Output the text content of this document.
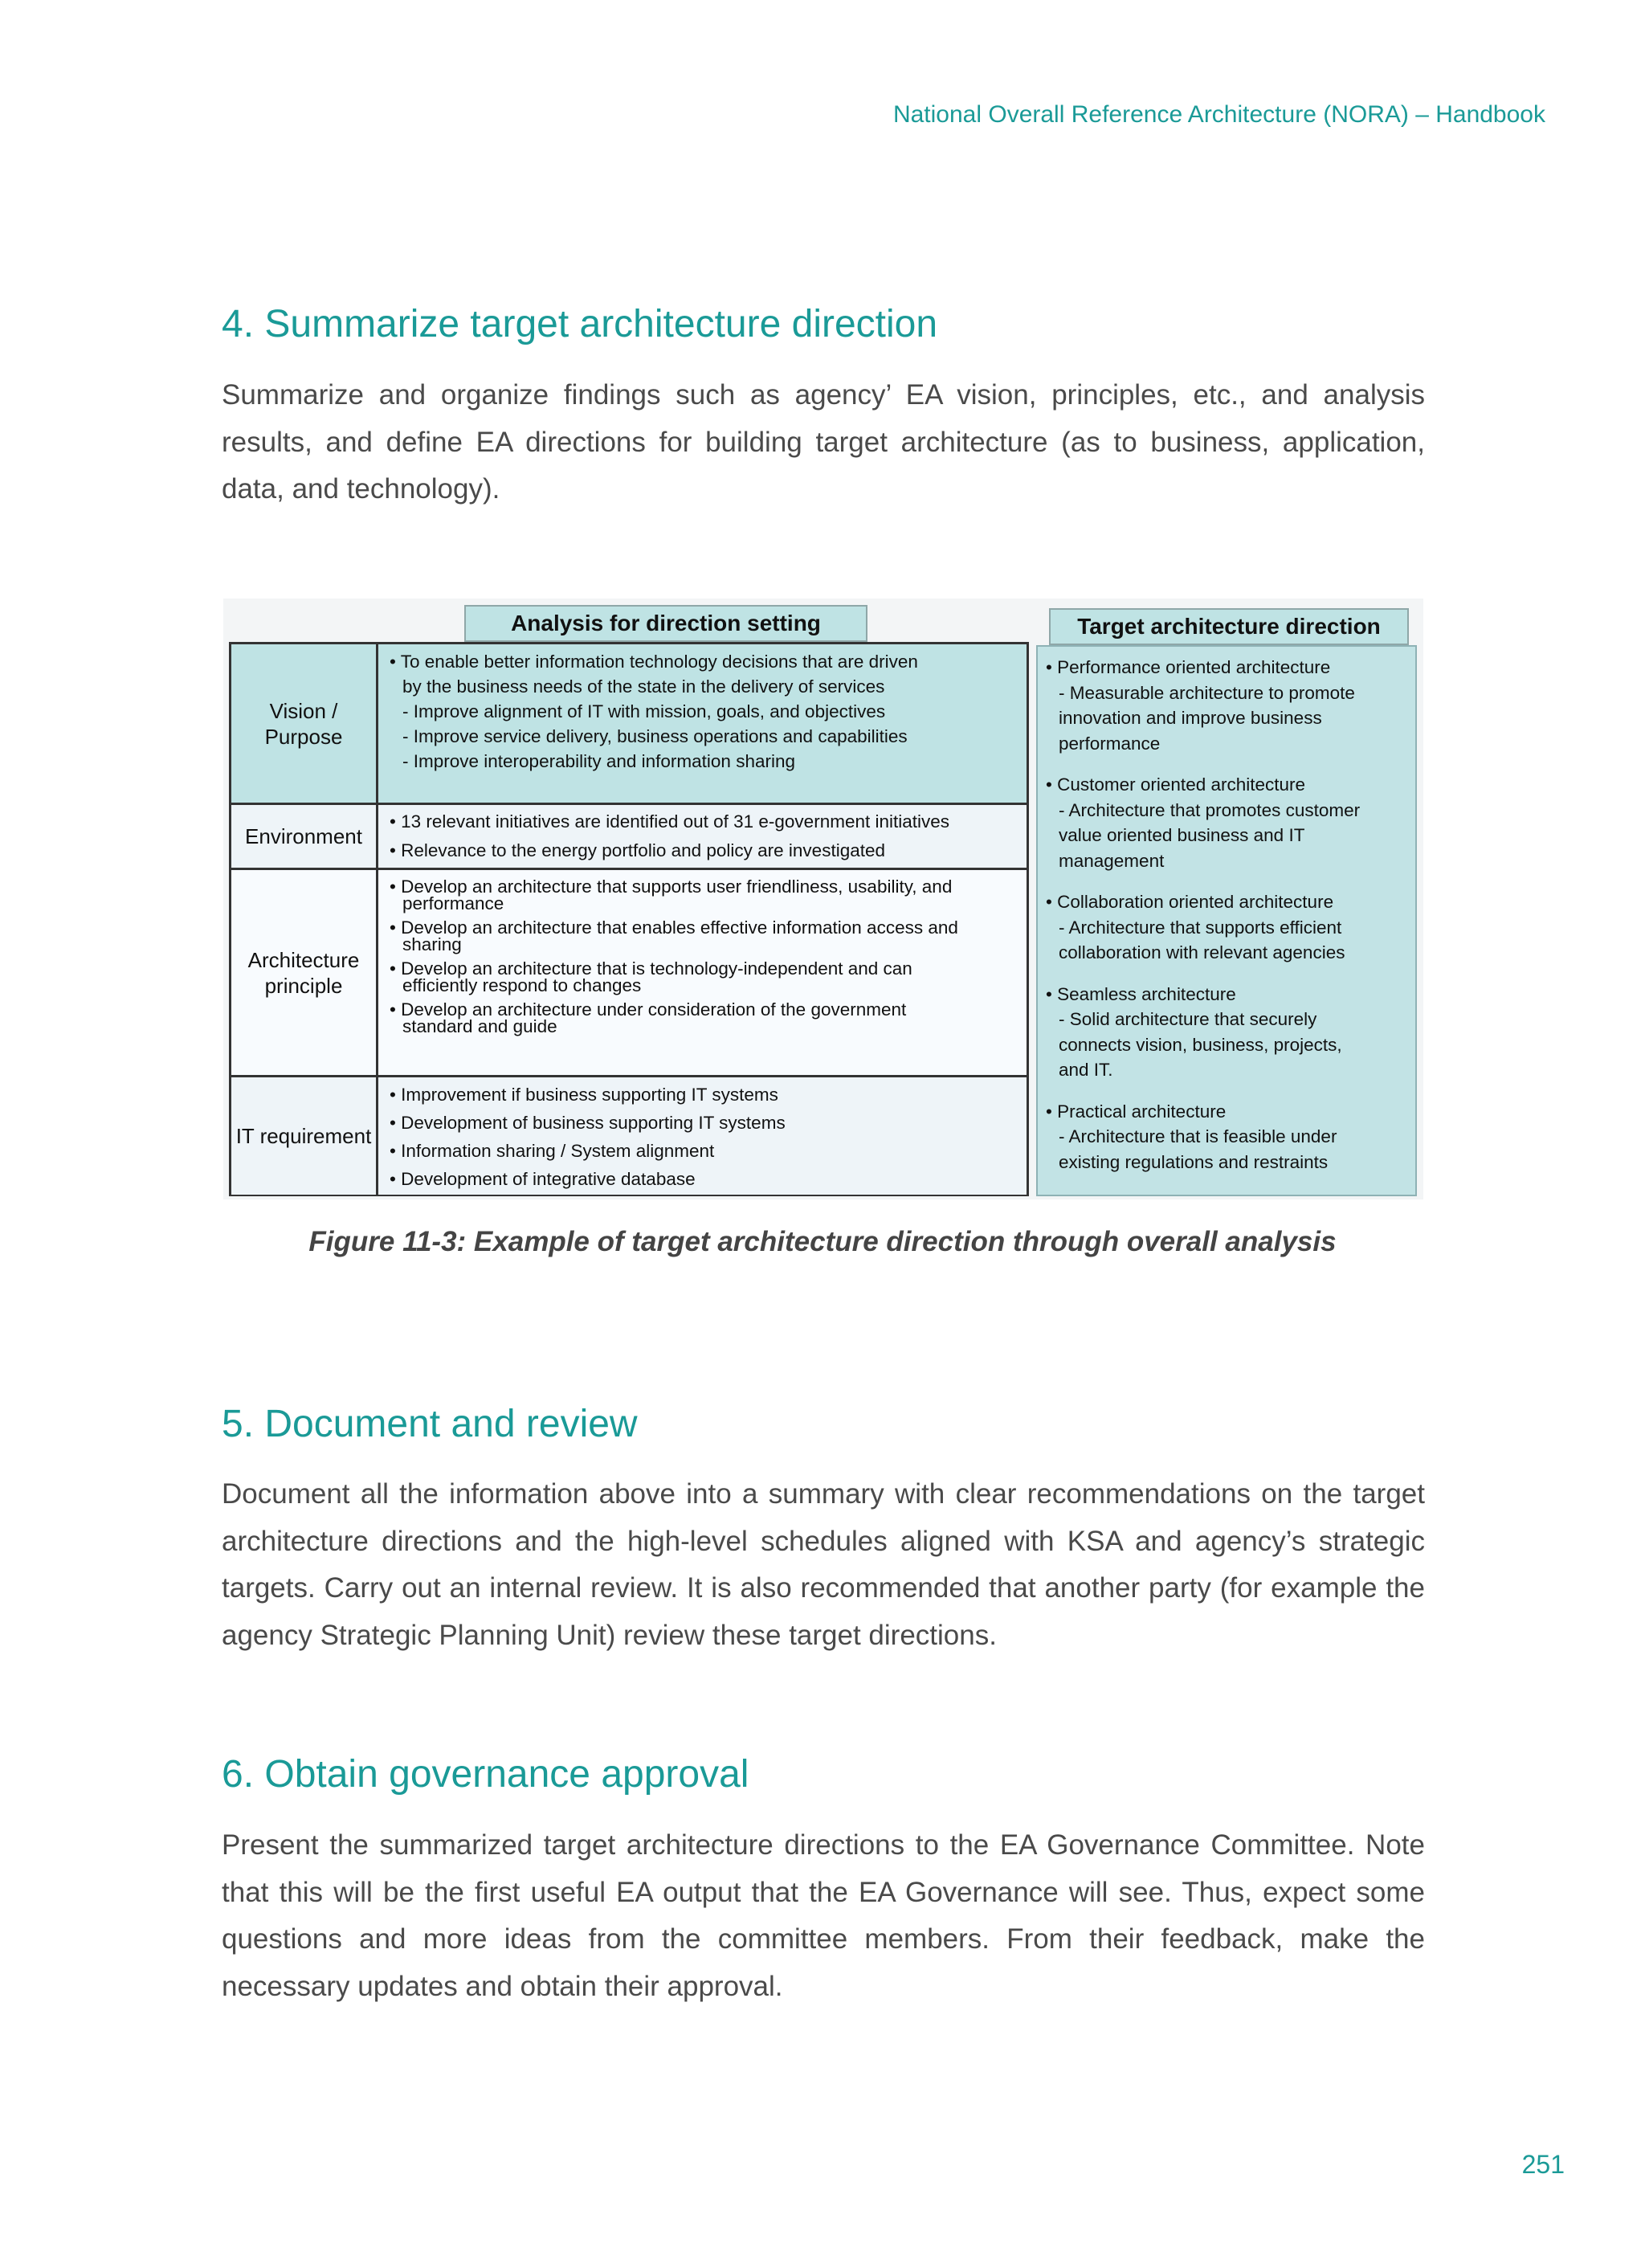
National Overall Reference Architecture (NORA) – Handbook
4. Summarize target architecture direction

Summarize and organize findings such as agency’ EA vision, principles, etc., and analysis results, and define EA directions for building target architecture (as to business, application, data, and technology).

Analysis for direction setting	Target architecture direction
Vision / Purpose

• To enable better information technology decisions that are driven

by the business needs of the state in the delivery of services

- Improve alignment of IT with mission, goals, and objectives

- Improve service delivery, business operations and capabilities

- Improve interoperability and information sharing

Environment

• 13 relevant initiatives are identified out of 31 e-government initiatives

• Relevance to the energy portfolio and policy are investigated

Architecture principle

• Develop an architecture that supports user friendliness, usability, and

performance

• Develop an architecture that enables effective information access and

sharing

• Develop an architecture that is technology-independent and can

efficiently respond to changes

• Develop an architecture under consideration of the government

standard and guide

IT requirement

• Improvement if business supporting IT systems

• Development of business supporting IT systems

• Information sharing / System alignment

• Development of integrative database

• Performance oriented architecture

- Measurable architecture to promote

innovation and improve business

performance

• Customer oriented architecture

- Architecture that promotes customer

value oriented business and IT

management

• Collaboration oriented architecture

- Architecture that supports efficient

collaboration with relevant agencies

• Seamless architecture

- Solid architecture that securely

connects vision, business, projects,

and IT.

• Practical architecture

- Architecture that is feasible under

existing regulations and restraints

Figure 11-3: Example of target architecture direction through overall analysis
5. Document and review

Document all the information above into a summary with clear recommendations on the target architecture directions and the high-level schedules aligned with KSA and agency’s strategic targets. Carry out an internal review. It is also recommended that another party (for example the agency Strategic Planning Unit) review these target directions.

6. Obtain governance approval

Present the summarized target architecture directions to the EA Governance Committee. Note that this will be the first useful EA output that the EA Governance will see. Thus, expect some questions and more ideas from the committee members. From their feedback, make the necessary updates and obtain their approval.

251
